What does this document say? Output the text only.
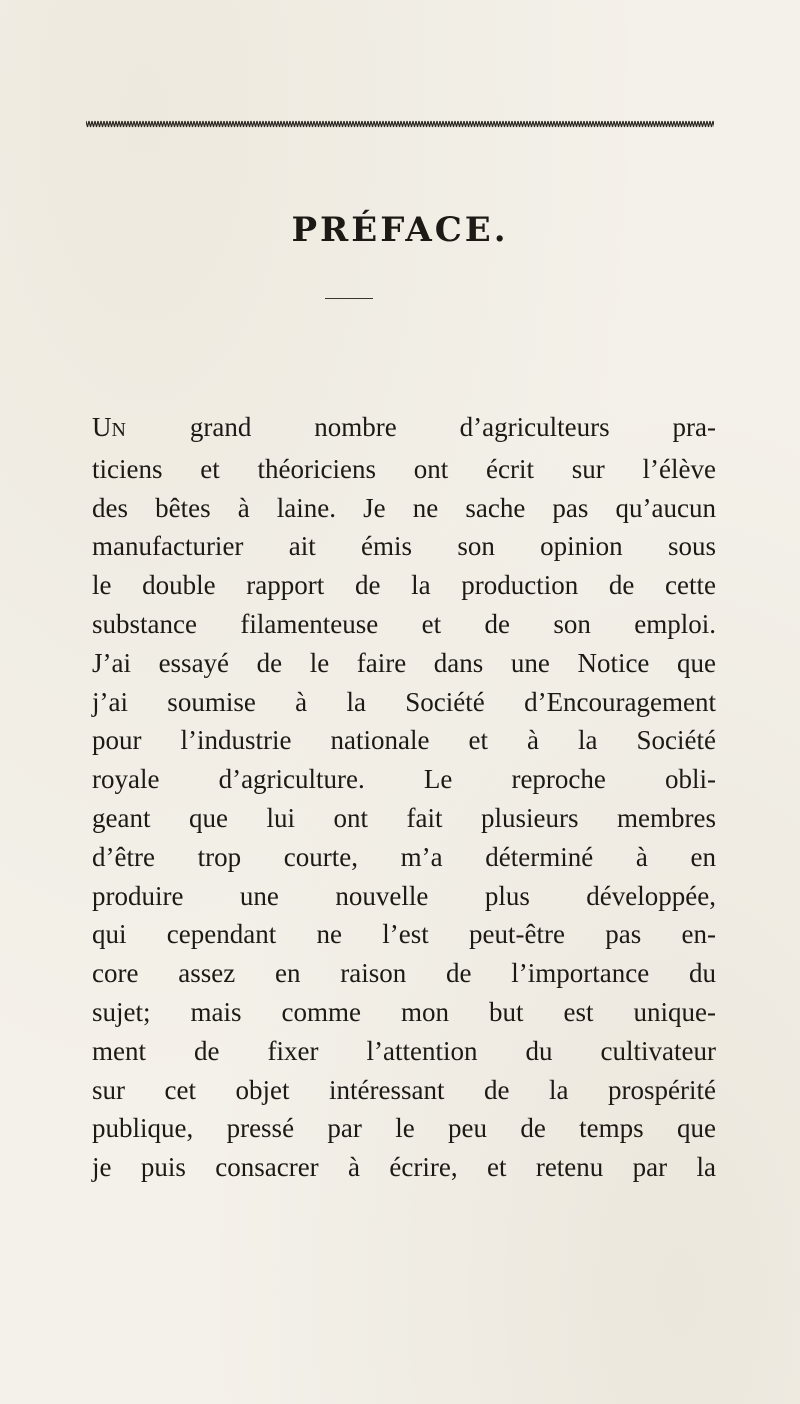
PRÉFACE.
UN grand nombre d’agriculteurs pra-
ticiens et théoriciens ont écrit sur l’élève
des bêtes à laine. Je ne sache pas qu’aucun
manufacturier ait émis son opinion sous
le double rapport de la production de cette
substance filamenteuse et de son emploi.
J’ai essayé de le faire dans une Notice que
j’ai soumise à la Société d’Encouragement
pour l’industrie nationale et à la Société
royale d’agriculture. Le reproche obli-
geant que lui ont fait plusieurs membres
d’être trop courte, m’a déterminé à en
produire une nouvelle plus développée,
qui cependant ne l’est peut-être pas en-
core assez en raison de l’importance du
sujet; mais comme mon but est unique-
ment de fixer l’attention du cultivateur
sur cet objet intéressant de la prospérité
publique, pressé par le peu de temps que
je puis consacrer à écrire, et retenu par la
